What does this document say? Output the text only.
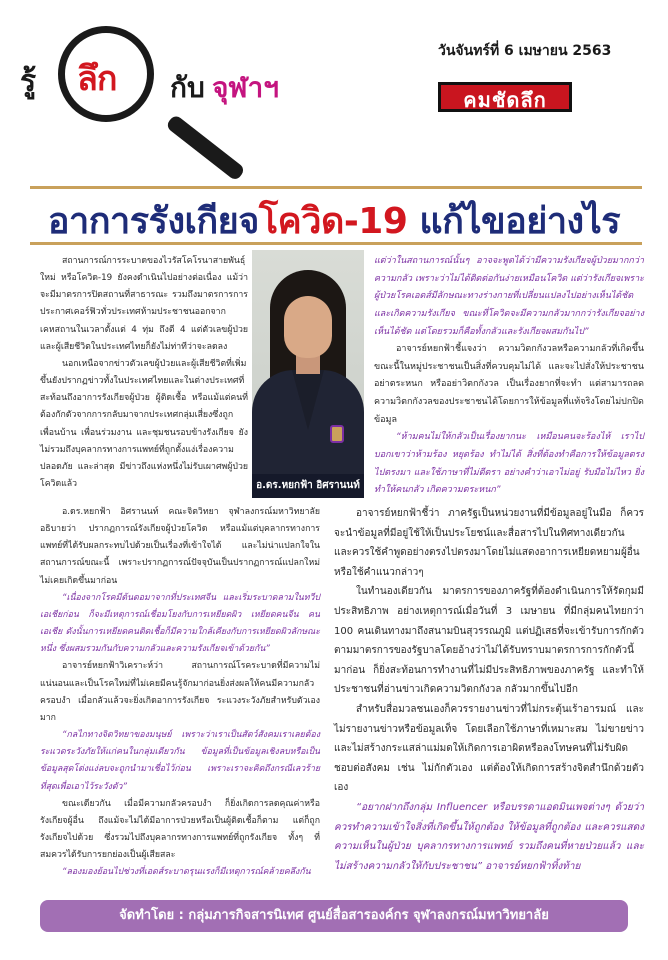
รู้ ลึก กับ จุฬาฯ
วันจันทร์ที่ 6 เมษายน 2563
คมชัดลึก
อาการรังเกียจโควิด-19 แก้ไขอย่างไร

สถานการณ์การระบาดของไวรัสโคโรนาสายพันธุ์ใหม่ หรือโควิด-19 ยังคงดำเนินไปอย่างต่อเนื่อง แม้ว่าจะมีมาตรการปิดสถานที่สาธารณะ รวมถึงมาตรการการประกาศเคอร์ฟิวทั่วประเทศห้ามประชาชนออกจากเคหสถานในเวลาตั้งแต่ 4 ทุ่ม ถึงตี 4 แต่ตัวเลขผู้ป่วยและผู้เสียชีวิตในประเทศไทยก็ยังไม่ท่าทีว่าจะลดลง

นอกเหนือจากข่าวตัวเลขผู้ป่วยและผู้เสียชีวิตที่เพิ่มขึ้นยังปรากฏข่าวทั้งในประเทศไทยและในต่างประเทศที่สะท้อนถึงอาการรังเกียจผู้ป่วย ผู้ติดเชื้อ หรือแม้แต่คนที่ต้องกักตัวจากการกลับมาจากประเทศกลุ่มเสี่ยงซึ่งถูกเพื่อนบ้าน เพื่อนร่วมงาน และชุมชนรอบข้างรังเกียจ ยังไม่รวมถึงบุคลากรทางการแพทย์ที่ถูกตั้งแง่เรื่องความปลอดภัย และล่าสุด มีข่าวถึงแห่งหนึ่งไม่รับเผาศพผู้ป่วยโควิดแล้ว	อ.ดร.หยกฟ้า อิศรานนท์

แต่ว่าในสถานการณ์นั้นๆ อาจจะพูดได้ว่ามีความรังเกียจผู้ป่วยมากกว่าความกลัว เพราะว่าไม่ได้ติดต่อกันง่ายเหมือนโควิด แต่ว่ารังเกียจเพราะผู้ป่วยโรคเอดส์มีลักษณะทางร่างกายที่เปลี่ยนแปลงไปอย่างเห็นได้ชัด และเกิดความรังเกียจ ขณะที่โควิดจะมีความกลัวมากกว่ารังเกียจอย่างเห็นได้ชัด แต่โดยรวมก็คือทั้งกลัวและรังเกียจผสมกันไป”

อาจารย์หยกฟ้าชี้แจงว่า ความวิตกกังวลหรือความกลัวที่เกิดขึ้นขณะนี้ในหมู่ประชาชนเป็นสิ่งที่ควบคุมไม่ได้ และจะไปสั่งให้ประชาชนอย่าตระหนก หรืออย่าวิตกกังวล เป็นเรื่องยากที่จะทำ แต่สามารถลดความวิตกกังวลของประชาชนได้โดยการให้ข้อมูลที่แท้จริงโดยไม่ปกปิดข้อมูล

“ห้ามคนไม่ให้กลัวเป็นเรื่องยากนะ เหมือนคนจะร้องไห้ เราไปบอกเขาว่าห้ามร้อง หยุดร้อง ทำไม่ได้ สิ่งที่ต้องทำคือการให้ข้อมูลตรงไปตรงมา และใช้ภาษาที่ไม่ตีตรา อย่างคำว่าเอาไม่อยู่ รับมือไม่ไหว ยิ่งทำให้คนกลัว เกิดความตระหนก”

อ.ดร.หยกฟ้า อิศรานนท์ คณะจิตวิทยา จุฬาลงกรณ์มหาวิทยาลัย อธิบายว่า ปรากฏการณ์รังเกียจผู้ป่วยโควิด หรือแม้แต่บุคลากรทางการแพทย์ที่ได้รับผลกระทบไปด้วยเป็นเรื่องที่เข้าใจได้ และไม่น่าแปลกใจในสถานการณ์ขณะนี้ เพราะปรากฏการณ์ปัจจุบันเป็นปรากฏการณ์แปลกใหม่ ไม่เคยเกิดขึ้นมาก่อน

“เนื่องจากโรคมีต้นตอมาจากที่ประเทศจีน และเริ่มระบาดลามในทวีปเอเชียก่อน ก็จะมีเหตุการณ์เชื่อมโยงกับการเหยียดผิว เหยียดคนจีน คนเอเชีย ดังนั้นการเหยียดคนติดเชื้อก็มีความใกล้เคียงกับการเหยียดผิวลักษณะหนึ่ง ซึ่งผสมรวมกันกับความกลัวและความรังเกียจเข้าด้วยกัน”

อาจารย์หยกฟ้าวิเคราะห์ว่า สถานการณ์โรคระบาดที่มีความไม่แน่นอนและเป็นโรคใหม่ที่ไม่เคยมีคนรู้จักมาก่อนยิ่งส่งผลให้คนมีความกลัวครอบงำ เมื่อกลัวแล้วจะยิ่งเกิดอาการรังเกียจ ระแวงระวังภัยสำหรับตัวเองมาก

“กลไกทางจิตวิทยาของมนุษย์ เพราะว่าเราเป็นสัตว์สังคมเราเลยต้องระแวดระวังภัยให้แก่คนในกลุ่มเดียวกัน ข้อมูลที่เป็นข้อมูลเชิงลบหรือเป็นข้อมูลสุดโต่งแง่ลบจะถูกนำมาเชื่อไว้ก่อน เพราะเราจะคิดถึงกรณีเลวร้ายที่สุดเพื่อเอาไว้ระวังตัว”

ขณะเดียวกัน เมื่อมีความกลัวครอบงำ ก็ยิ่งเกิดการลดคุณค่าหรือรังเกียจผู้อื่น ถึงแม้จะไม่ได้มีอาการป่วยหรือเป็นผู้ติดเชื้อก็ตาม แต่ก็ถูกรังเกียจไปด้วย ซึ่งรวมไปถึงบุคลากรทางการแพทย์ที่ถูกรังเกียจ ทั้งๆ ที่สมควรได้รับการยกย่องเป็นผู้เสียสละ

“ลองมองย้อนไปช่วงที่เอดส์ระบาดรุนแรงก็มีเหตุการณ์คล้ายคลึงกัน

อาจารย์หยกฟ้าชี้ว่า ภาครัฐเป็นหน่วยงานที่มีข้อมูลอยู่ในมือ ก็ควรจะนำข้อมูลที่มีอยู่ใช้ให้เป็นประโยชน์และสื่อสารไปในทิศทางเดียวกัน และควรใช้คำพูดอย่างตรงไปตรงมาโดยไม่แสดงอาการเหยียดหยามผู้อื่น หรือใช้คำแนวกล่าวๆ

ในทำนองเดียวกัน มาตรการของภาครัฐที่ต้องดำเนินการให้รัดกุมมีประสิทธิภาพ อย่างเหตุการณ์เมื่อวันที่ 3 เมษายน ที่มีกลุ่มคนไทยกว่า 100 คนเดินทางมาถึงสนามบินสุวรรณภูมิ แต่ปฏิเสธที่จะเข้ารับการกักตัวตามมาตรการของรัฐบาลโดยอ้างว่าไม่ได้รับทราบมาตรการการกักตัวนี้มาก่อน ก็ยิ่งสะท้อนการทำงานที่ไม่มีประสิทธิภาพของภาครัฐ และทำให้ประชาชนที่อ่านข่าวเกิดความวิตกกังวล กลัวมากขึ้นไปอีก

สำหรับสื่อมวลชนเองก็ควรรายงานข่าวที่ไม่กระตุ้นเร้าอารมณ์ และไม่รายงานข่าวหรือข้อมูลเท็จ โดยเลือกใช้ภาษาที่เหมาะสม ไม่ขายข่าว และไม่สร้างกระแสล่าแม่มดให้เกิดการเอาผิดหรือลงโทษคนที่ไม่รับผิดชอบต่อสังคม เช่น ไม่กักตัวเอง แต่ต้องให้เกิดการสร้างจิตสำนึกด้วยตัวเอง

“อยากฝากถึงกลุ่ม Influencer หรือบรรดาแอดมินเพจต่างๆ ด้วยว่าควรทำความเข้าใจสิ่งที่เกิดขึ้นให้ถูกต้อง ให้ข้อมูลที่ถูกต้อง และควรแสดงความเห็นในผู้ป่วย บุคลากรทางการแพทย์ รวมถึงคนที่หายป่วยแล้ว และไม่สร้างความกลัวให้กับประชาชน” อาจารย์หยกฟ้าทิ้งท้าย

จัดทำโดย : กลุ่มภารกิจสารนิเทศ ศูนย์สื่อสารองค์กร จุฬาลงกรณ์มหาวิทยาลัย
